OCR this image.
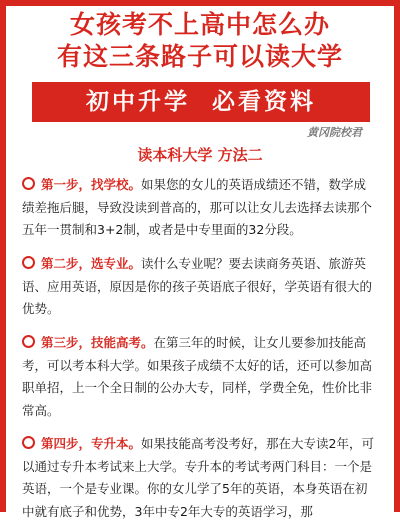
女孩考不上高中怎么办
有这三条路子可以读大学
初中升学  必看资料
黄冈院校君
读本科大学 方法二

第一步，找学校。如果您的女儿的英语成绩还不错，数学成绩差拖后腿，导致没读到普高的，那可以让女儿去选择去读那个五年一贯制和3+2制，或者是中专里面的32分段。

第二步，选专业。读什么专业呢？要去读商务英语、旅游英语、应用英语，原因是你的孩子英语底子很好，学英语有很大的优势。

第三步，技能高考。在第三年的时候，让女儿要参加技能高考，可以考本科大学。如果孩子成绩不太好的话，还可以参加高职单招，上一个全日制的公办大专，同样，学费全免，性价比非常高。

第四步，专升本。如果技能高考没考好，那在大专读2年，可以通过专升本考试来上大学。专升本的考试考两门科目：一个是英语，一个是专业课。你的女儿学了5年的英语，本身英语在初中就有底子和优势，3年中专2年大专的英语学习，那
